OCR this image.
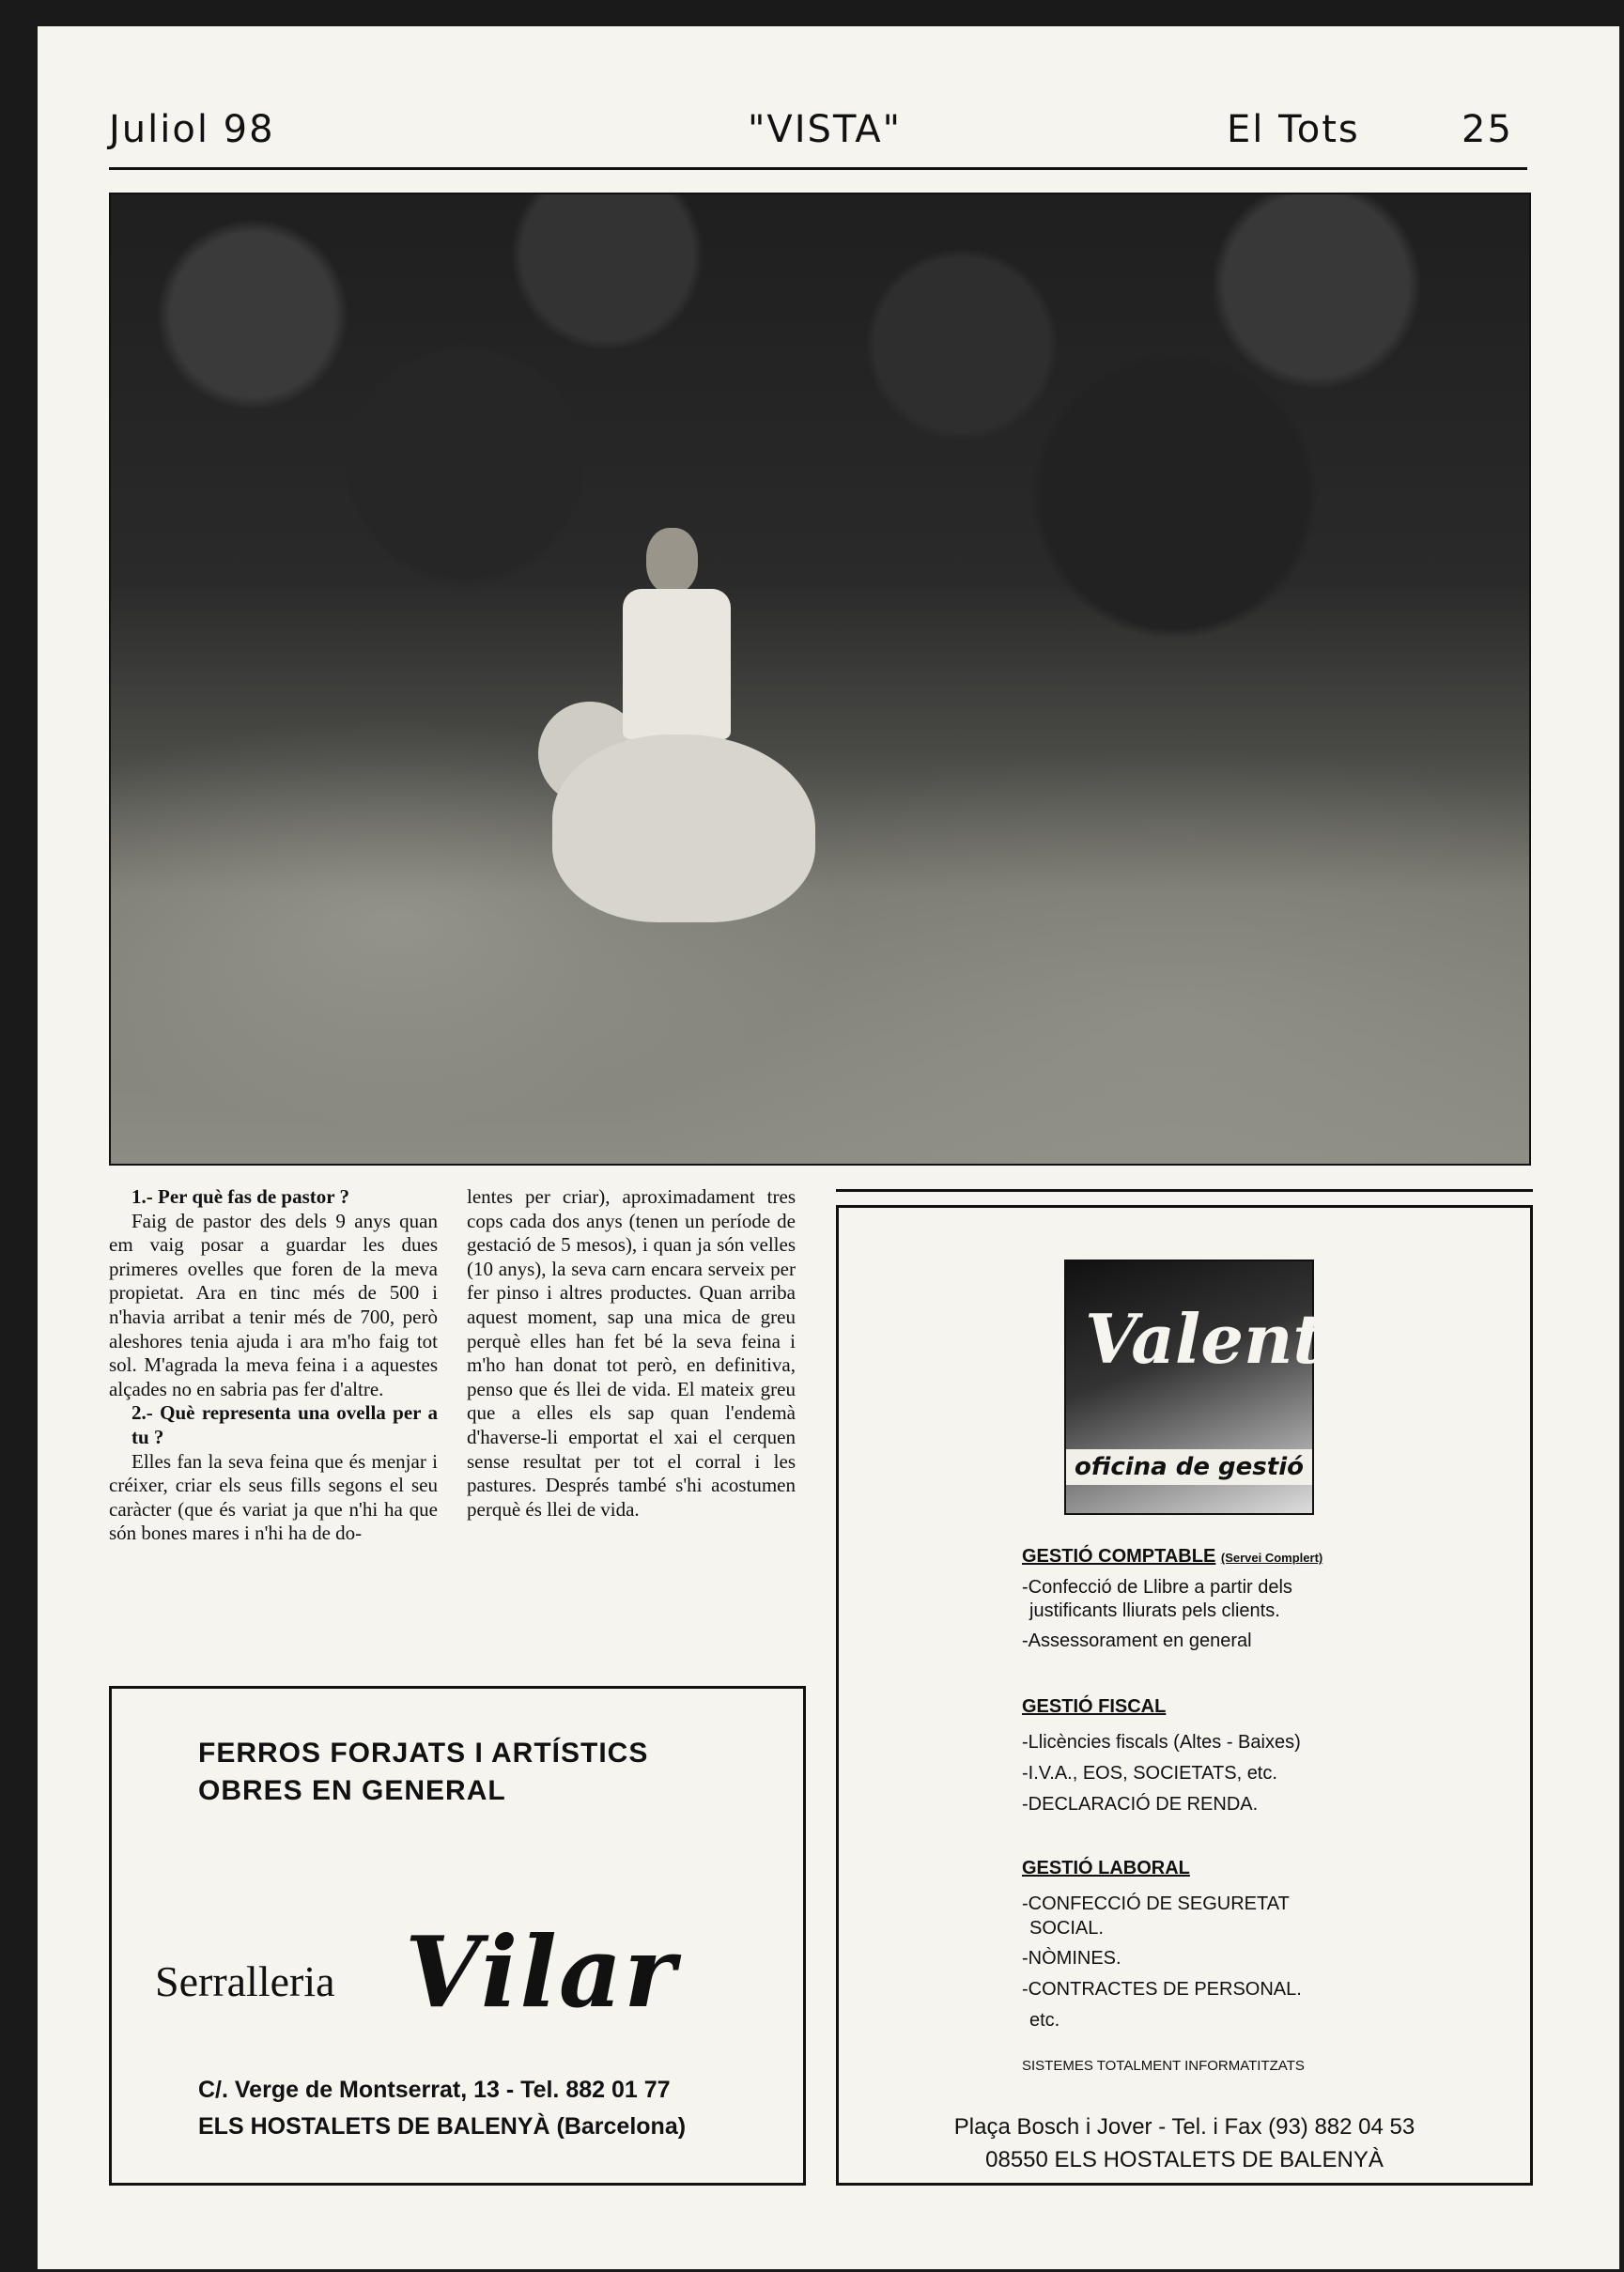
Juliol 98	"VISTA"	El Tots	25

1.- Per què fas de pastor ?

Faig de pastor des dels 9 anys quan em vaig posar a guardar les dues primeres ovelles que foren de la meva propietat. Ara en tinc més de 500 i n'havia arribat a tenir més de 700, però aleshores tenia ajuda i ara m'ho faig tot sol. M'agrada la meva feina i a aquestes alçades no en sabria pas fer d'altre.

2.- Què representa una ovella per a tu ?

Elles fan la seva feina que és menjar i créixer, criar els seus fills segons el seu caràcter (que és variat ja que n'hi ha que són bones mares i n'hi ha de do-

lentes per criar), aproximadament tres cops cada dos anys (tenen un període de gestació de 5 mesos), i quan ja són velles (10 anys), la seva carn encara serveix per fer pinso i altres productes. Quan arriba aquest moment, sap una mica de greu perquè elles han fet bé la seva feina i m'ho han donat tot però, en definitiva, penso que és llei de vida. El mateix greu que a elles els sap quan l'endemà d'haverse-li emportat el xai el cerquen sense resultat per tot el corral i les pastures. Després també s'hi acostumen perquè és llei de vida.

FERROS FORJATS I ARTÍSTICS
OBRES EN GENERAL
Serralleria Vilar
C/. Verge de Montserrat, 13 - Tel. 882 01 77
ELS HOSTALETS DE BALENYÀ (Barcelona)
Valenti
oficina de gestió
GESTIÓ COMPTABLE (Servei Complert)
-Confecció de Llibre a partir dels
justificants lliurats pels clients.
-Assessorament en general
GESTIÓ FISCAL
-Llicències fiscals (Altes - Baixes)
-I.V.A., EOS, SOCIETATS, etc.
-DECLARACIÓ DE RENDA.
GESTIÓ LABORAL
-CONFECCIÓ DE SEGURETAT
SOCIAL.
-NÒMINES.
-CONTRACTES DE PERSONAL.
etc.
SISTEMES TOTALMENT INFORMATITZATS
Plaça Bosch i Jover - Tel. i Fax (93) 882 04 53
08550 ELS HOSTALETS DE BALENYÀ
